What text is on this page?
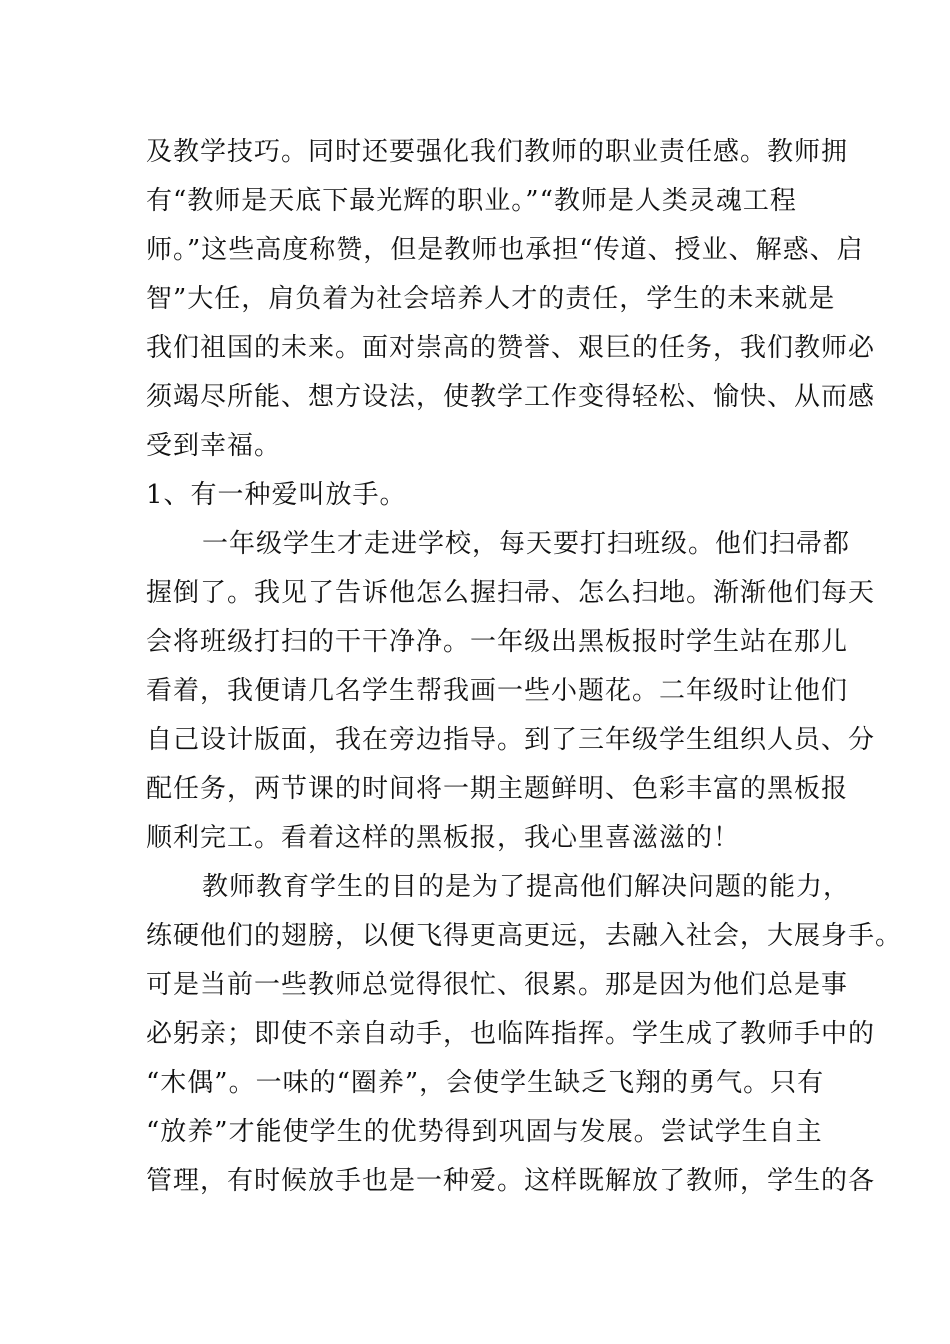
及教学技巧。同时还要强化我们教师的职业责任感。教师拥
有“教师是天底下最光辉的职业。”“教师是人类灵魂工程
师。”这些高度称赞，但是教师也承担“传道、授业、解惑、启
智”大任，肩负着为社会培养人才的责任，学生的未来就是
我们祖国的未来。面对崇高的赞誉、艰巨的任务，我们教师必
须竭尽所能、想方设法，使教学工作变得轻松、愉快、从而感
受到幸福。
1、有一种爱叫放手。
一年级学生才走进学校，每天要打扫班级。他们扫帚都
握倒了。我见了告诉他怎么握扫帚、怎么扫地。渐渐他们每天
会将班级打扫的干干净净。一年级出黑板报时学生站在那儿
看着，我便请几名学生帮我画一些小题花。二年级时让他们
自己设计版面，我在旁边指导。到了三年级学生组织人员、分
配任务，两节课的时间将一期主题鲜明、色彩丰富的黑板报
顺利完工。看着这样的黑板报，我心里喜滋滋的！
教师教育学生的目的是为了提高他们解决问题的能力，
练硬他们的翅膀，以便飞得更高更远，去融入社会，大展身手。
可是当前一些教师总觉得很忙、很累。那是因为他们总是事
必躬亲；即使不亲自动手，也临阵指挥。学生成了教师手中的
“木偶”。一味的“圈养”，会使学生缺乏飞翔的勇气。只有
“放养”才能使学生的优势得到巩固与发展。尝试学生自主
管理，有时候放手也是一种爱。这样既解放了教师，学生的各
